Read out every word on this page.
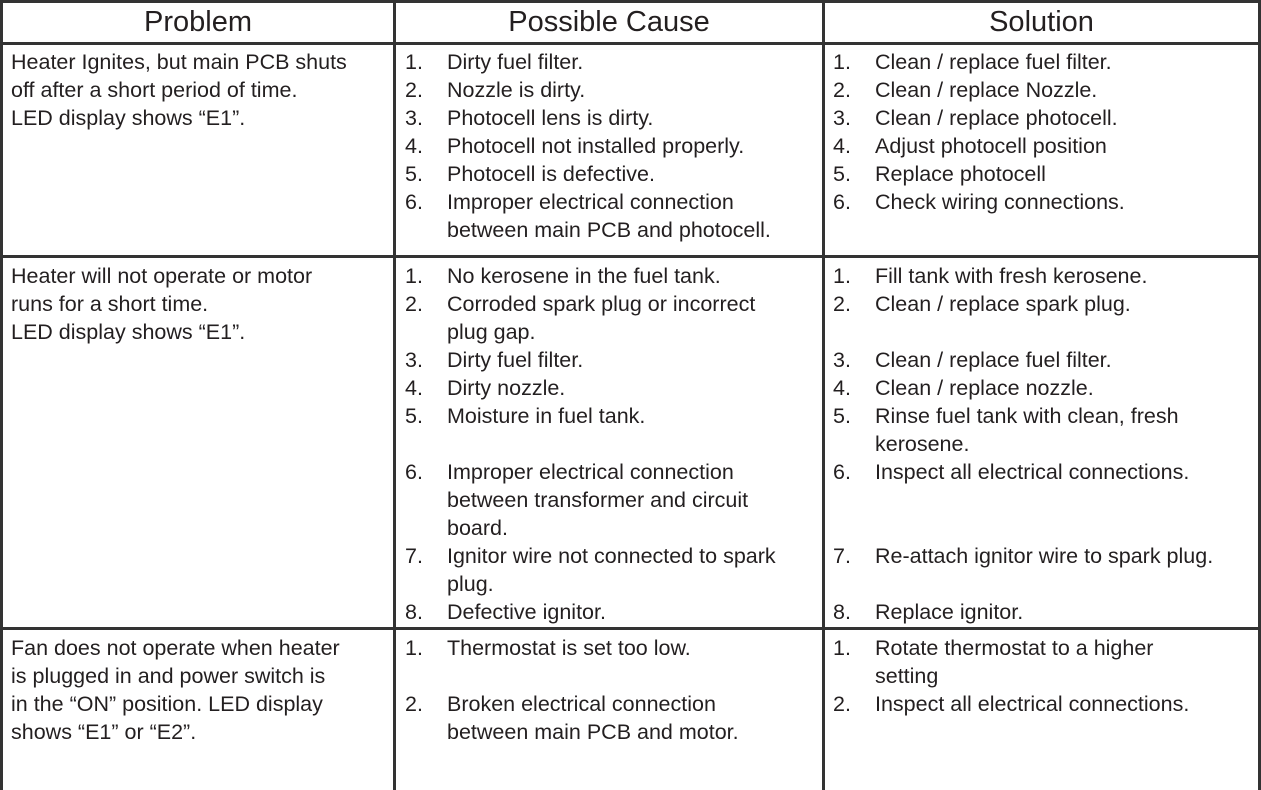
Problem	Possible Cause	Solution
Heater Ignites, but main PCB shuts
off after a short period of time.
LED display shows “E1”.
1. Dirty fuel filter.
2. Nozzle is dirty.
3. Photocell lens is dirty.
4. Photocell not installed properly.
5. Photocell is defective.
6. Improper electrical connection
between main PCB and photocell.
1. Clean / replace fuel filter.
2. Clean / replace Nozzle.
3. Clean / replace photocell.
4. Adjust photocell position
5. Replace photocell
6. Check wiring connections.
Heater will not operate or motor
runs for a short time.
LED display shows “E1”.
1. No kerosene in the fuel tank.
2. Corroded spark plug or incorrect
plug gap.
3. Dirty fuel filter.
4. Dirty nozzle.
5. Moisture in fuel tank.
6. Improper electrical connection
between transformer and circuit
board.
7. Ignitor wire not connected to spark
plug.
8. Defective ignitor.
1. Fill tank with fresh kerosene.
2. Clean / replace spark plug.
3. Clean / replace fuel filter.
4. Clean / replace nozzle.
5. Rinse fuel tank with clean, fresh
kerosene.
6. Inspect all electrical connections.
7. Re-attach ignitor wire to spark plug.
8. Replace ignitor.
Fan does not operate when heater
is plugged in and power switch is
in the “ON” position. LED display
shows “E1” or “E2”.
1. Thermostat is set too low.
2. Broken electrical connection
between main PCB and motor.
1. Rotate thermostat to a higher
setting
2. Inspect all electrical connections.
